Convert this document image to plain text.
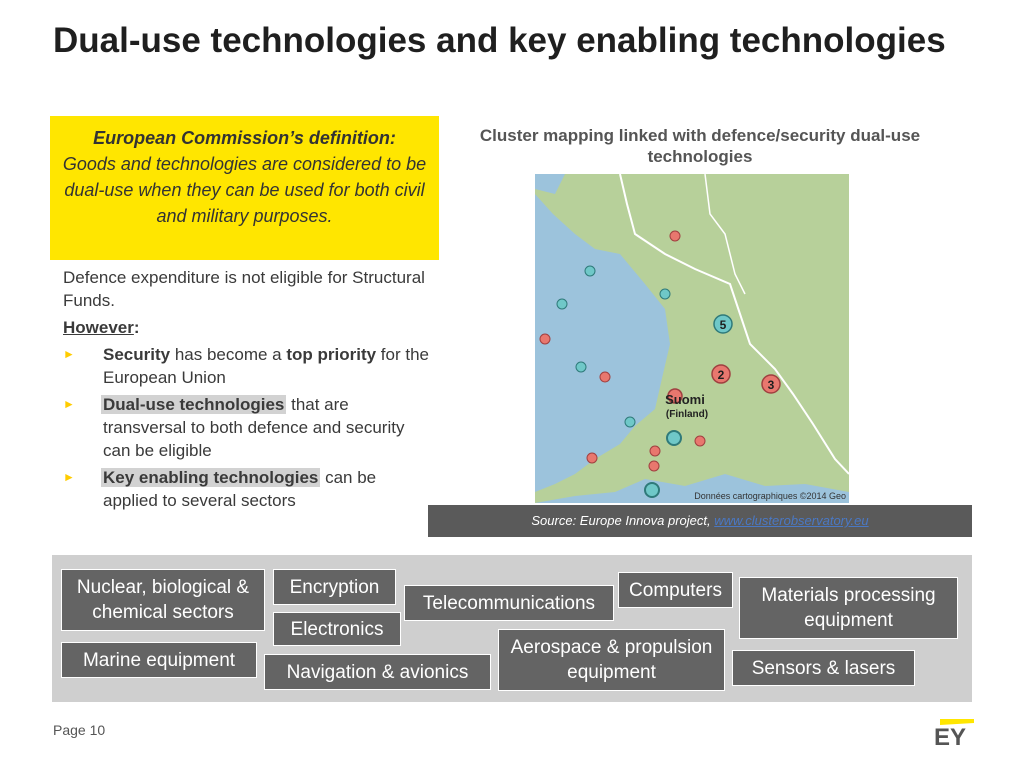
Dual-use technologies and key enabling technologies
European Commission’s definition:
Goods and technologies are considered to be dual-use when they can be used for both civil and military purposes.

Defence expenditure is not eligible for Structural Funds.

However:

► Security has become a top priority for the European Union
► Dual-use technologies that are transversal to both defence and security can be eligible
► Key enabling technologies can be applied to several sectors
Cluster mapping linked with defence/security dual-use technologies
5
2
3
Suomi
(Finland)
Données cartographiques ©2014 Geo
Source: Europe Innova project, www.clusterobservatory.eu
Nuclear, biological & chemical sectors
Encryption
Telecommunications
Computers	Materials processing equipment
Electronics
Marine equipment
Aerospace & propulsion equipment
Navigation & avionics	Sensors & lasers
Page 10	EY
